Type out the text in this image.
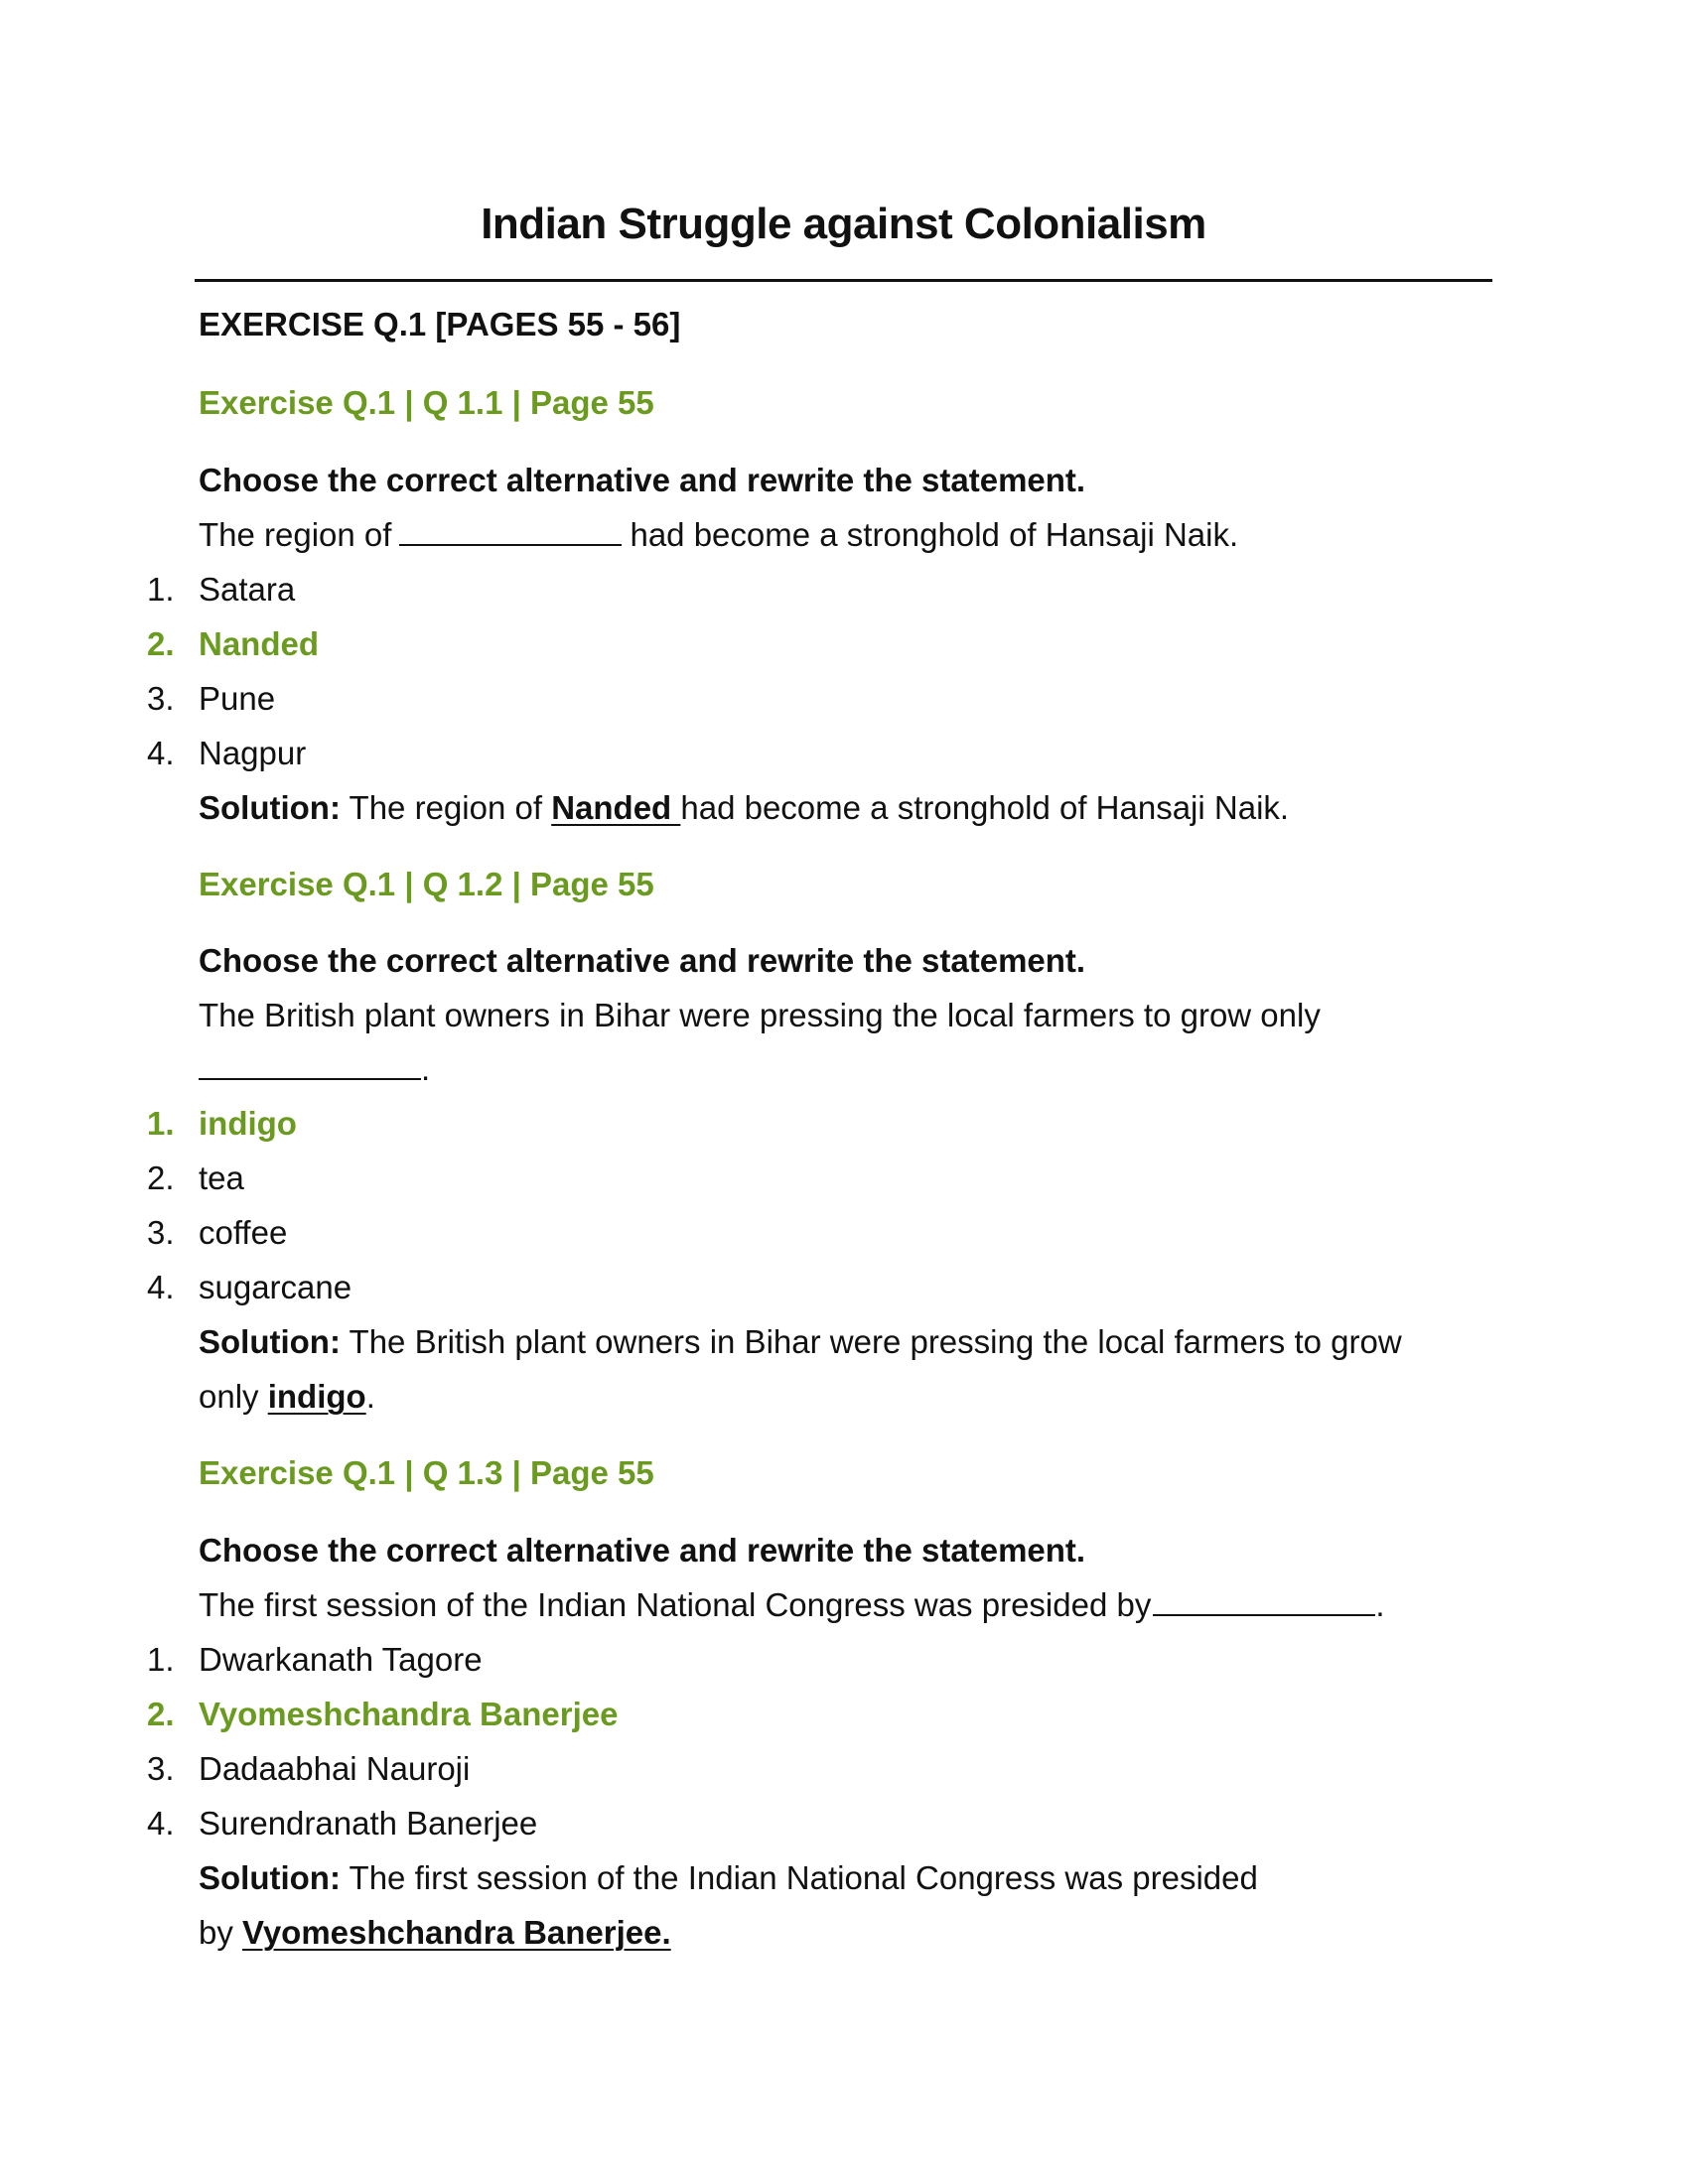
Indian Struggle against Colonialism
EXERCISE Q.1 [PAGES 55 - 56]
Exercise Q.1 | Q 1.1 | Page 55
Choose the correct alternative and rewrite the statement.
The region of	had become a stronghold of Hansaji Naik.
1. Satara
2. Nanded
3. Pune
4. Nagpur
Solution: The region of Nanded had become a stronghold of Hansaji Naik.
Exercise Q.1 | Q 1.2 | Page 55
Choose the correct alternative and rewrite the statement.
The British plant owners in Bihar were pressing the local farmers to grow only
.
1. indigo
2. tea
3. coffee
4. sugarcane
Solution: The British plant owners in Bihar were pressing the local farmers to grow
only indigo.
Exercise Q.1 | Q 1.3 | Page 55
Choose the correct alternative and rewrite the statement.
The first session of the Indian National Congress was presided by	.
1. Dwarkanath Tagore
2. Vyomeshchandra Banerjee
3. Dadaabhai Nauroji
4. Surendranath Banerjee
Solution: The first session of the Indian National Congress was presided
by Vyomeshchandra Banerjee.
